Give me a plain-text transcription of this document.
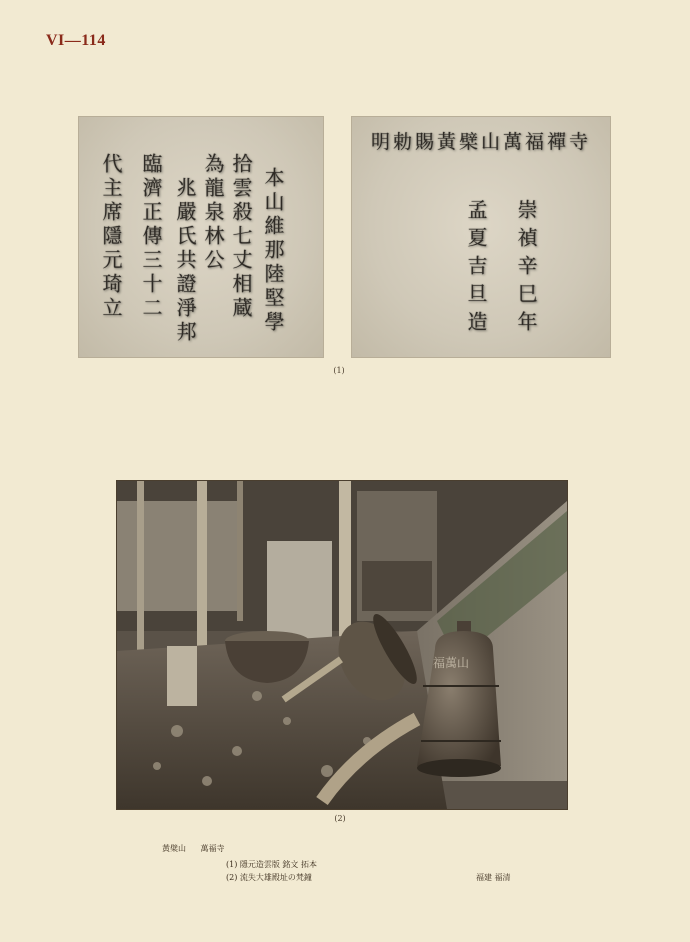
VI—114
本山維那陸堅學
拾雲殺七丈相蔵
為龍泉林公
兆嚴氏共證淨邦
臨濟正傳三十二
代主席隱元琦立
明勅賜黃檗山萬福禪寺
崇禎辛巳年
孟夏吉旦造
(1)
福萬山
(2)
黃檗山 萬福寺
(1) 隱元造雲版 銘文 拓本
(2) 流失大雄殿址の梵鐘	福建 福清
